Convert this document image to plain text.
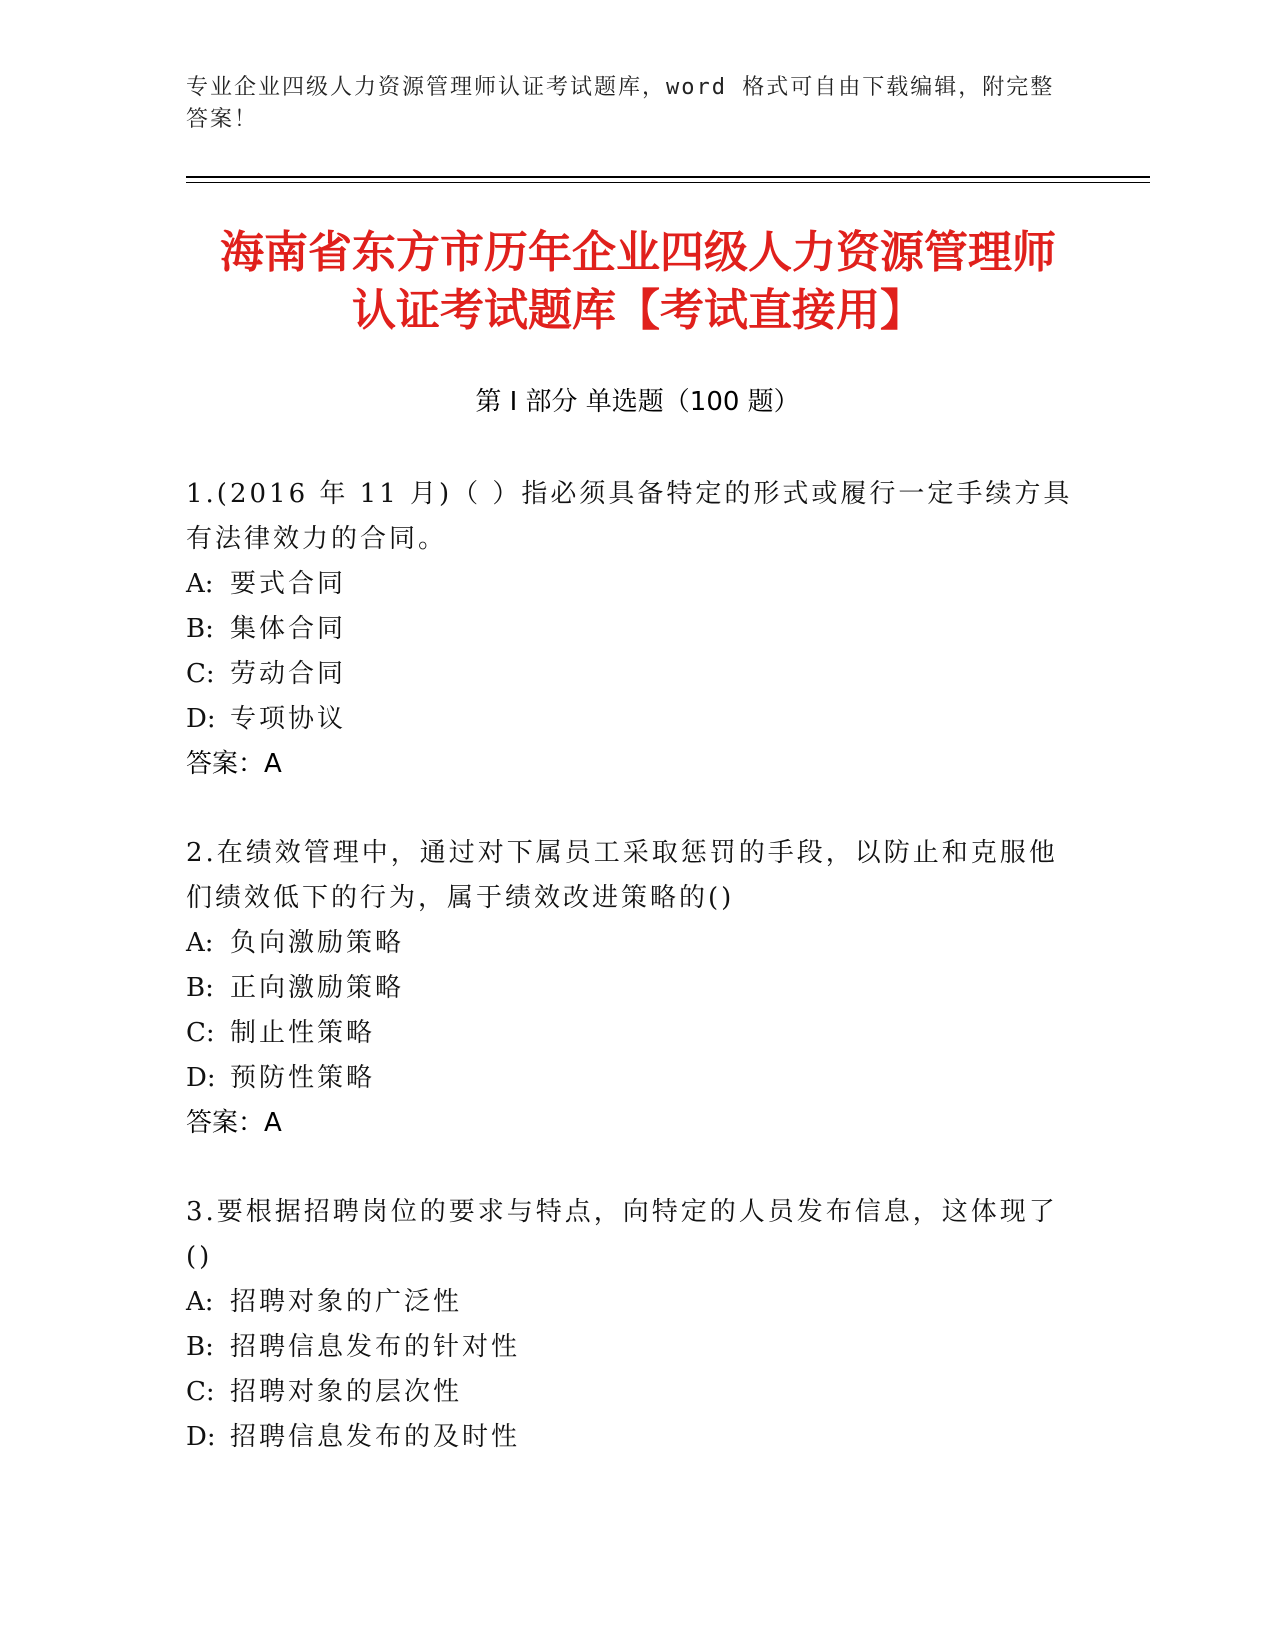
专业企业四级人力资源管理师认证考试题库，word 格式可自由下载编辑，附完整答案！
海南省东方市历年企业四级人力资源管理师
认证考试题库【考试直接用】
第 I 部分 单选题（100 题）
1.(2016 年 11 月)（ ）指必须具备特定的形式或履行一定手续方具有法律效力的合同。
A: 要式合同
B: 集体合同
C: 劳动合同
D: 专项协议
答案：A
2.在绩效管理中，通过对下属员工采取惩罚的手段，以防止和克服他们绩效低下的行为，属于绩效改进策略的()
A: 负向激励策略
B: 正向激励策略
C: 制止性策略
D: 预防性策略
答案：A
3.要根据招聘岗位的要求与特点，向特定的人员发布信息，这体现了()
A: 招聘对象的广泛性
B: 招聘信息发布的针对性
C: 招聘对象的层次性
D: 招聘信息发布的及时性
